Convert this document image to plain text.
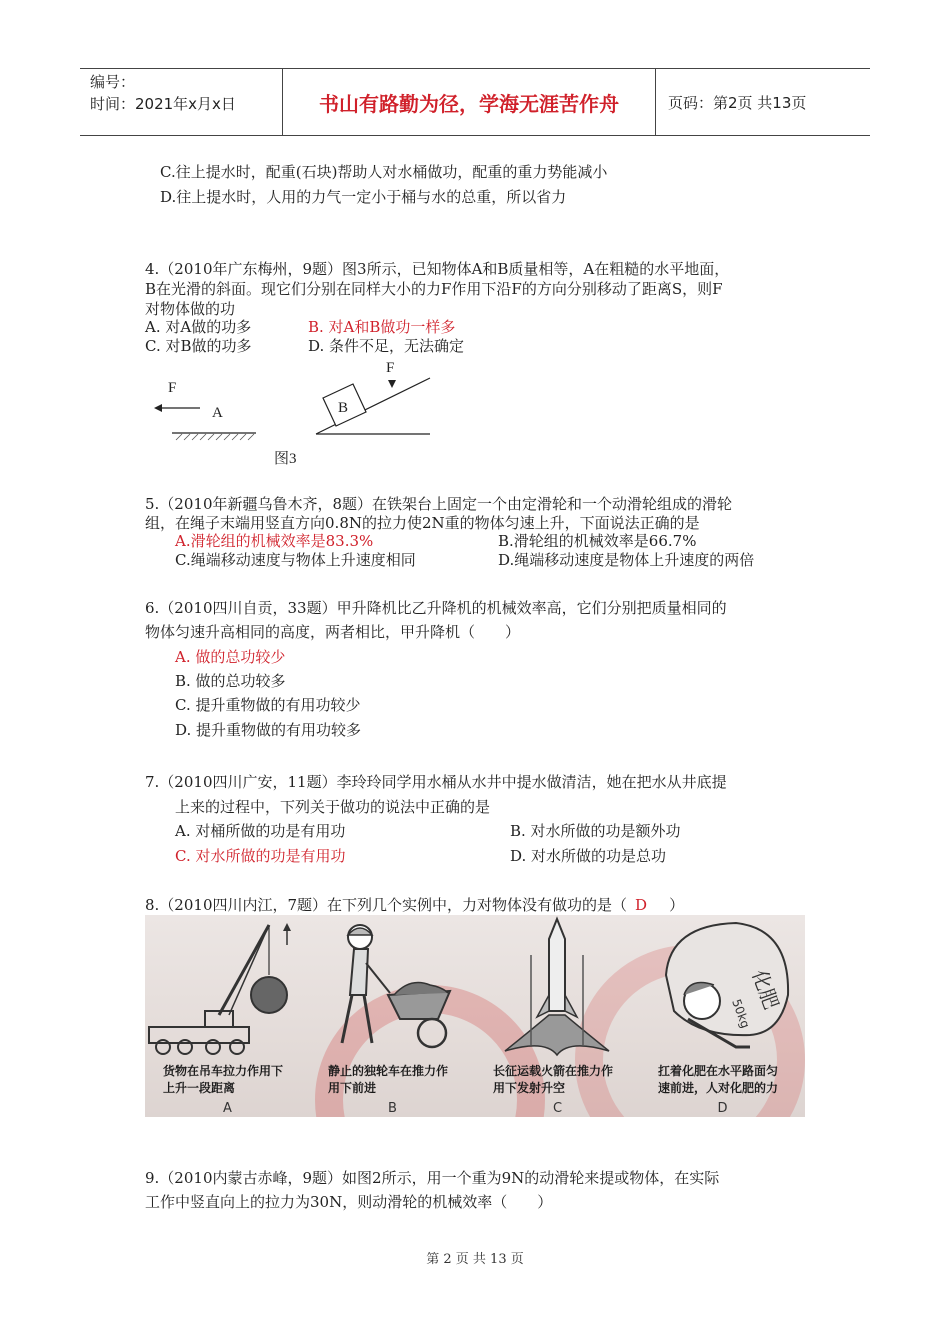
编号：
时间：2021年x月x日	书山有路勤为径，学海无涯苦作舟	页码：第2页 共13页
C.往上提水时，配重(石块)帮助人对水桶做功，配重的重力势能减小
D.往上提水时，人用的力气一定小于桶与水的总重，所以省力
4.（2010年广东梅州，9题）图3所示，已知物体A和B质量相等，A在粗糙的水平地面，
B在光滑的斜面。现它们分别在同样大小的力F作用下沿F的方向分别移动了距离S，则F
对物体做的功
A. 对A做的功多	B. 对A和B做功一样多
C. 对B做的功多	D. 条件不足，无法确定
F
A	B
F
图3
5.（2010年新疆乌鲁木齐，8题）在铁架台上固定一个由定滑轮和一个动滑轮组成的滑轮
组，在绳子末端用竖直方向0.8N的拉力使2N重的物体匀速上升，下面说法正确的是
A.滑轮组的机械效率是83.3%	B.滑轮组的机械效率是66.7%
C.绳端移动速度与物体上升速度相同	D.绳端移动速度是物体上升速度的两倍
6.（2010四川自贡，33题）甲升降机比乙升降机的机械效率高，它们分别把质量相同的
物体匀速升高相同的高度，两者相比，甲升降机（　　）
A. 做的总功较少
B. 做的总功较多
C. 提升重物做的有用功较少
D. 提升重物做的有用功较多
7.（2010四川广安，11题）李玲玲同学用水桶从水井中提水做清洁，她在把水从井底提
上来的过程中，下列关于做功的说法中正确的是
A. 对桶所做的功是有用功	B. 对水所做的功是额外功
C. 对水所做的功是有用功	D. 对水所做的功是总功
8.（2010四川内江，7题）在下列几个实例中，力对物体没有做功的是（ D ）
货物在吊车拉力作用下上升一段距离
A
静止的独轮车在推力作用下前进
B
长征运载火箭在推力作用下发射升空
C
化肥
50kg
扛着化肥在水平路面匀速前进，人对化肥的力
D
9.（2010内蒙古赤峰，9题）如图2所示，用一个重为9N的动滑轮来提或物体，在实际
工作中竖直向上的拉力为30N，则动滑轮的机械效率（　　）
第 2 页 共 13 页
